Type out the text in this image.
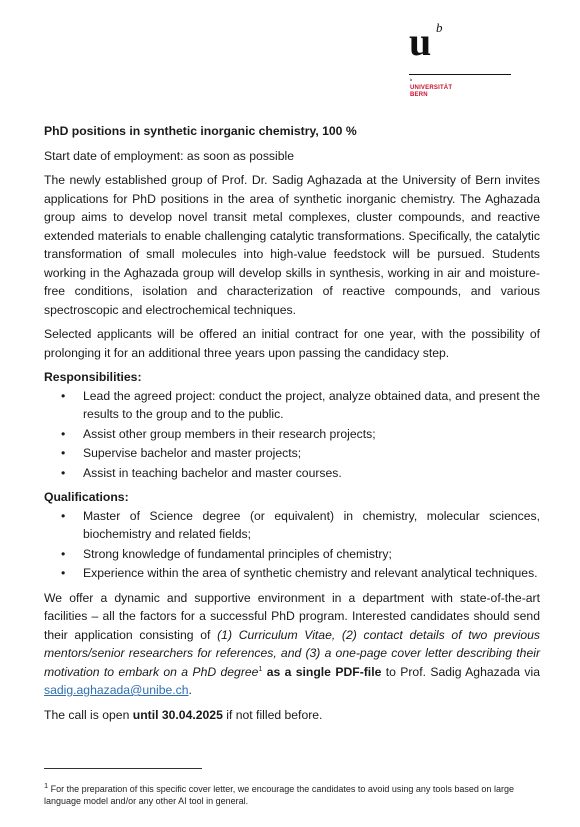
u b
b
UNIVERSITÄT
BERN
PhD positions in synthetic inorganic chemistry, 100 %

Start date of employment: as soon as possible

The newly established group of Prof. Dr. Sadig Aghazada at the University of Bern invites applications for PhD positions in the area of synthetic inorganic chemistry. The Aghazada group aims to develop novel transit metal complexes, cluster compounds, and reactive extended materials to enable challenging catalytic transformations. Specifically, the catalytic transformation of small molecules into high-value feedstock will be pursued. Students working in the Aghazada group will develop skills in synthesis, working in air and moisture-free conditions, isolation and characterization of reactive compounds, and various spectroscopic and electrochemical techniques.

Selected applicants will be offered an initial contract for one year, with the possibility of prolonging it for an additional three years upon passing the candidacy step.

Responsibilities:
• Lead the agreed project: conduct the project, analyze obtained data, and present the results to the group and to the public.
• Assist other group members in their research projects;
• Supervise bachelor and master projects;
• Assist in teaching bachelor and master courses.
Qualifications:
• Master of Science degree (or equivalent) in chemistry, molecular sciences, biochemistry and related fields;
• Strong knowledge of fundamental principles of chemistry;
• Experience within the area of synthetic chemistry and relevant analytical techniques.

We offer a dynamic and supportive environment in a department with state-of-the-art facilities – all the factors for a successful PhD program. Interested candidates should send their application consisting of (1) Curriculum Vitae, (2) contact details of two previous mentors/senior researchers for references, and (3) a one-page cover letter describing their motivation to embark on a PhD degree$^1$ as a single PDF-file to Prof. Sadig Aghazada via sadig.aghazada@unibe.ch.

The call is open until 30.04.2025 if not filled before.

$^1$ For the preparation of this specific cover letter, we encourage the candidates to avoid using any tools based on large language model and/or any other AI tool in general.
